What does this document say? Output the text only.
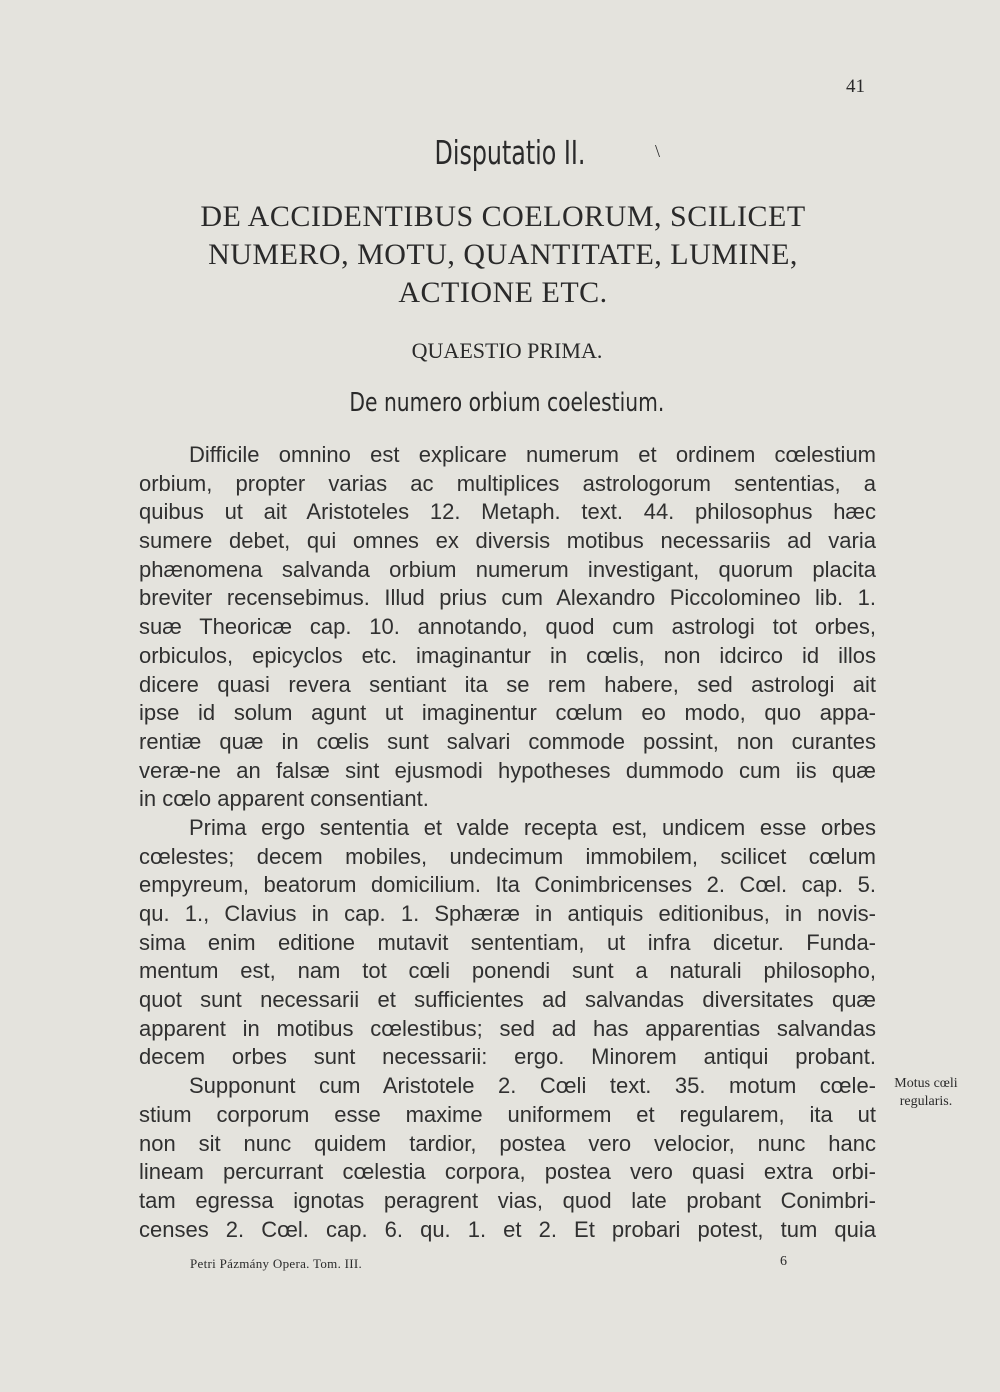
41
Disputatio II.	\
DE ACCIDENTIBUS COELORUM, SCILICET
NUMERO, MOTU, QUANTITATE, LUMINE,
ACTIONE ETC.
QUAESTIO PRIMA.
De numero orbium coelestium.
Difficile omnino est explicare numerum et ordinem cœlestium
orbium, propter varias ac multiplices astrologorum sententias, a
quibus ut ait Aristoteles 12. Metaph. text. 44. philosophus hæc
sumere debet, qui omnes ex diversis motibus necessariis ad varia
phænomena salvanda orbium numerum investigant, quorum placita
breviter recensebimus. Illud prius cum Alexandro Piccolomineo lib. 1.
suæ Theoricæ cap. 10. annotando, quod cum astrologi tot orbes,
orbiculos, epicyclos etc. imaginantur in cœlis, non idcirco id illos
dicere quasi revera sentiant ita se rem habere, sed astrologi ait
ipse id solum agunt ut imaginentur cœlum eo modo, quo appa-
rentiæ quæ in cœlis sunt salvari commode possint, non curantes
veræ-ne an falsæ sint ejusmodi hypotheses dummodo cum iis quæ
in cœlo apparent consentiant.
Prima ergo sententia et valde recepta est, undicem esse orbes
cœlestes; decem mobiles, undecimum immobilem, scilicet cœlum
empyreum, beatorum domicilium. Ita Conimbricenses 2. Cœl. cap. 5.
qu. 1., Clavius in cap. 1. Sphæræ in antiquis editionibus, in novis-
sima enim editione mutavit sententiam, ut infra dicetur. Funda-
mentum est, nam tot cœli ponendi sunt a naturali philosopho,
quot sunt necessarii et sufficientes ad salvandas diversitates quæ
apparent in motibus cœlestibus; sed ad has apparentias salvandas
decem orbes sunt necessarii: ergo. Minorem antiqui probant.
Supponunt cum Aristotele 2. Cœli text. 35. motum cœle-
stium corporum esse maxime uniformem et regularem, ita ut
non sit nunc quidem tardior, postea vero velocior, nunc hanc
lineam percurrant cœlestia corpora, postea vero quasi extra orbi-
tam egressa ignotas peragrent vias, quod late probant Conimbri-
censes 2. Cœl. cap. 6. qu. 1. et 2. Et probari potest, tum quia
Motus cœli
regularis.
Petri Pázmány Opera. Tom. III.	6
